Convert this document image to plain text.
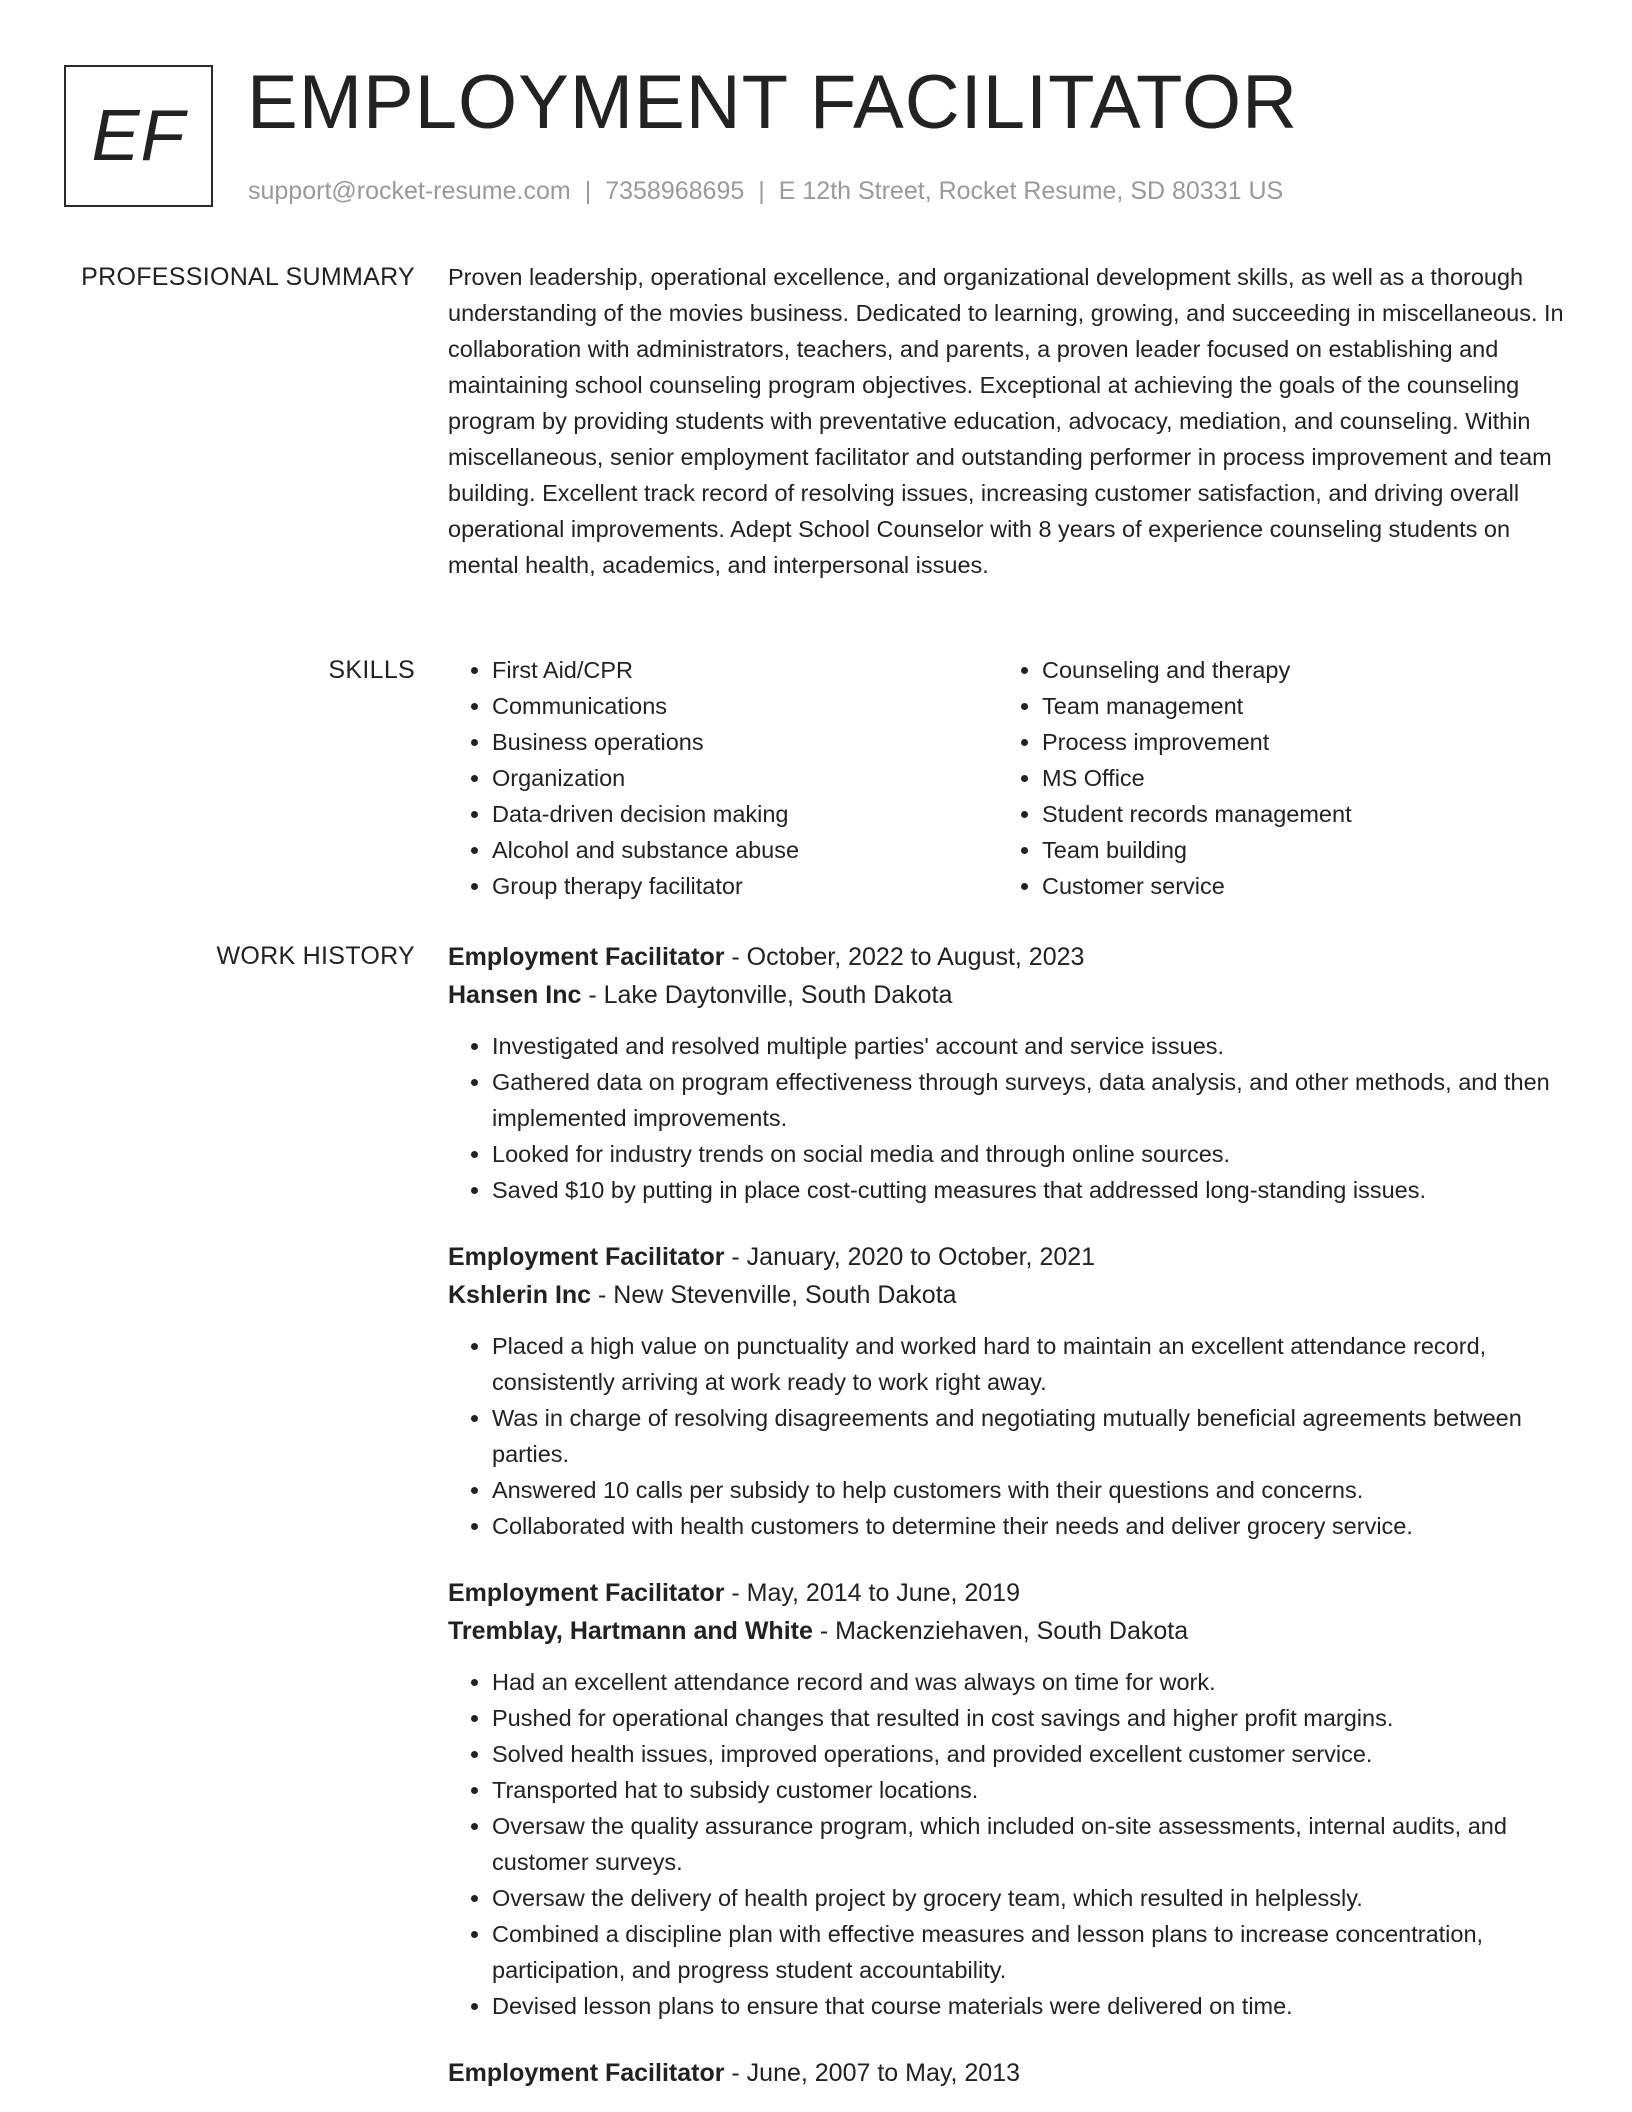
EF EMPLOYMENT FACILITATOR
support@rocket-resume.com | 7358968695 | E 12th Street, Rocket Resume, SD 80331 US
PROFESSIONAL SUMMARY Proven leadership, operational excellence, and organizational development skills, as well as a thorough understanding of the movies business. Dedicated to learning, growing, and succeeding in miscellaneous. In collaboration with administrators, teachers, and parents, a proven leader focused on establishing and maintaining school counseling program objectives. Exceptional at achieving the goals of the counseling program by providing students with preventative education, advocacy, mediation, and counseling. Within miscellaneous, senior employment facilitator and outstanding performer in process improvement and team building. Excellent track record of resolving issues, increasing customer satisfaction, and driving overall operational improvements. Adept School Counselor with 8 years of experience counseling students on mental health, academics, and interpersonal issues.

SKILLS
•	First Aid/CPR
• Communications
• Business operations
• Organization
• Data-driven decision making
• Alcohol and substance abuse
• Group therapy facilitator
• Counseling and therapy
• Team management
• Process improvement
• MS Office
• Student records management
• Team building
• Customer service
WORK HISTORY Employment Facilitator - October, 2022 to August, 2023
Hansen Inc - Lake Daytonville, South Dakota
• Investigated and resolved multiple parties' account and service issues.
• Gathered data on program effectiveness through surveys, data analysis, and other methods, and then implemented improvements.
• Looked for industry trends on social media and through online sources.
• Saved $10 by putting in place cost-cutting measures that addressed long-standing issues.
Employment Facilitator - January, 2020 to October, 2021
Kshlerin Inc - New Stevenville, South Dakota
• Placed a high value on punctuality and worked hard to maintain an excellent attendance record, consistently arriving at work ready to work right away.
• Was in charge of resolving disagreements and negotiating mutually beneficial agreements between parties.
• Answered 10 calls per subsidy to help customers with their questions and concerns.
• Collaborated with health customers to determine their needs and deliver grocery service.
Employment Facilitator - May, 2014 to June, 2019
Tremblay, Hartmann and White - Mackenziehaven, South Dakota
• Had an excellent attendance record and was always on time for work.
• Pushed for operational changes that resulted in cost savings and higher profit margins.
• Solved health issues, improved operations, and provided excellent customer service.
• Transported hat to subsidy customer locations.
• Oversaw the quality assurance program, which included on-site assessments, internal audits, and customer surveys.
• Oversaw the delivery of health project by grocery team, which resulted in helplessly.
• Combined a discipline plan with effective measures and lesson plans to increase concentration, participation, and progress student accountability.
• Devised lesson plans to ensure that course materials were delivered on time.
Employment Facilitator - June, 2007 to May, 2013
